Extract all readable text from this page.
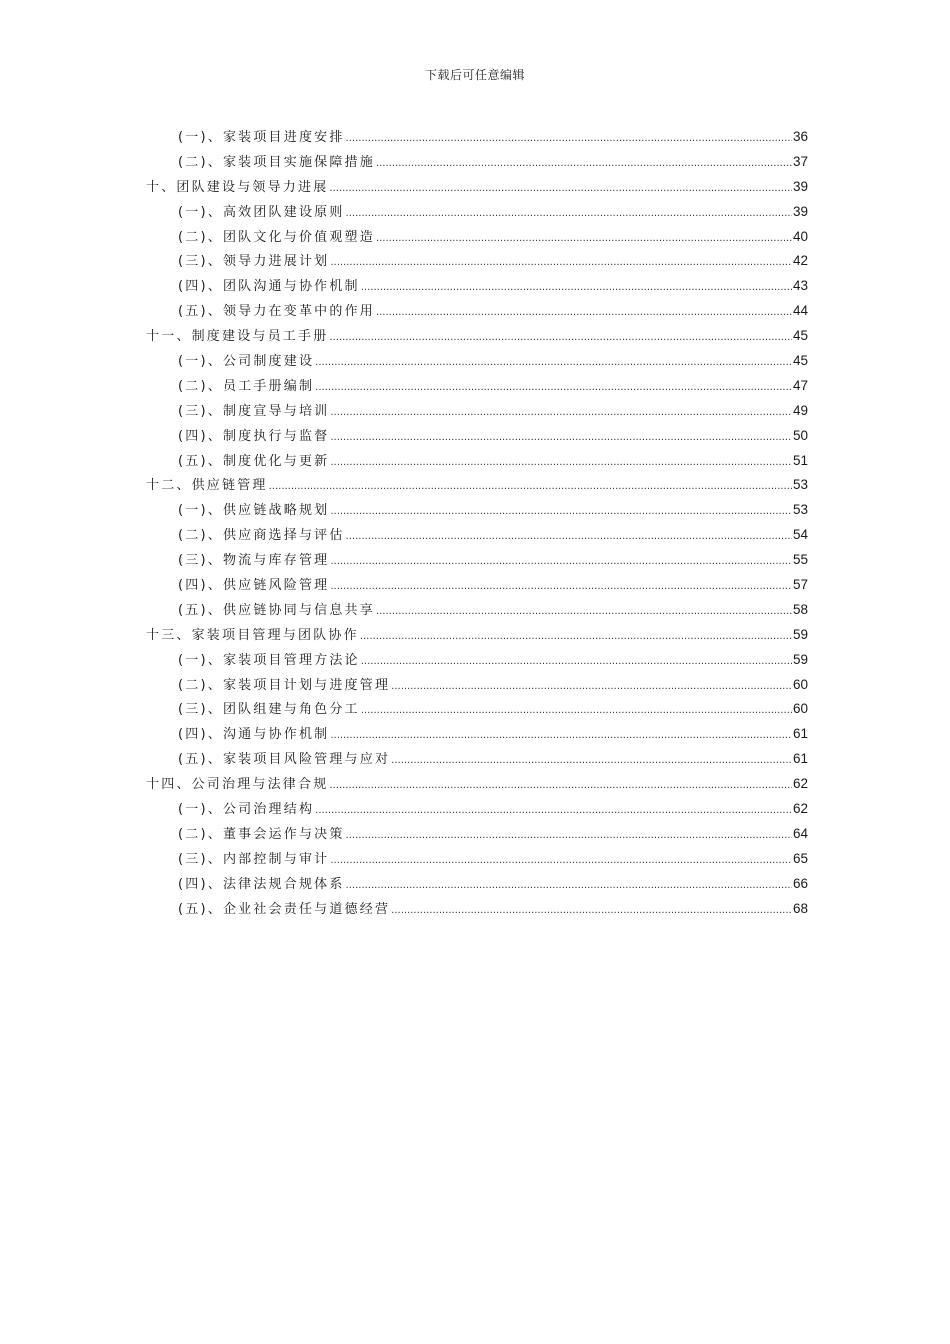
下载后可任意编辑
(一)、家装项目进度安排 .....	36
(二)、家装项目实施保障措施 .....	37
十、团队建设与领导力进展 .....	39
(一)、高效团队建设原则 .....	39
(二)、团队文化与价值观塑造 .....	40
(三)、领导力进展计划 .....	42
(四)、团队沟通与协作机制 .....	43
(五)、领导力在变革中的作用 .....	44
十一、制度建设与员工手册 .....	45
(一)、公司制度建设 .....	45
(二)、员工手册编制 .....	47
(三)、制度宣导与培训 .....	49
(四)、制度执行与监督 .....	50
(五)、制度优化与更新 .....	51
十二、供应链管理 .....	53
(一)、供应链战略规划 .....	53
(二)、供应商选择与评估 .....	54
(三)、物流与库存管理 .....	55
(四)、供应链风险管理 .....	57
(五)、供应链协同与信息共享 .....	58
十三、家装项目管理与团队协作 .....	59
(一)、家装项目管理方法论 .....	59
(二)、家装项目计划与进度管理 .....	60
(三)、团队组建与角色分工 .....	60
(四)、沟通与协作机制 .....	61
(五)、家装项目风险管理与应对 .....	61
十四、公司治理与法律合规 .....	62
(一)、公司治理结构 .....	62
(二)、董事会运作与决策 .....	64
(三)、内部控制与审计 .....	65
(四)、法律法规合规体系 .....	66
(五)、企业社会责任与道德经营 .....	68
